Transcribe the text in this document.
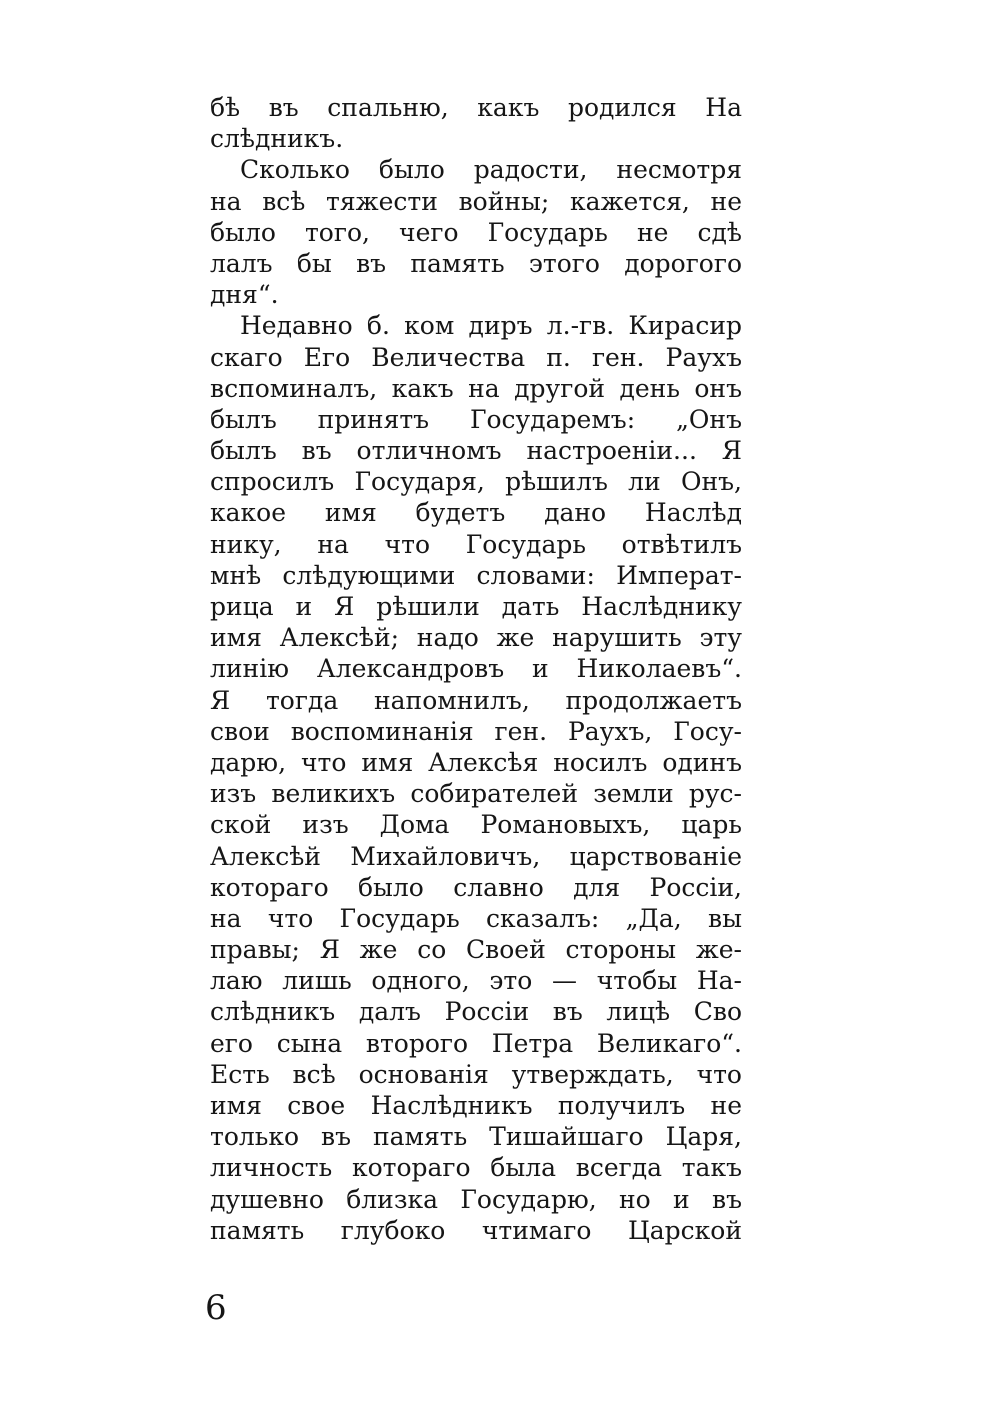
бѣ въ спальню, какъ родился На
слѣдникъ.
Сколько было радости, несмотря
на всѣ тяжести войны; кажется, не
было того, чего Государь не сдѣ
лалъ бы въ память этого дорогого
дня“.
Недавно б. ком диръ л.-гв. Кирасир
скаго Его Величества п. ген. Раухъ
вспоминалъ, какъ на другой день онъ
былъ принятъ Государемъ: „Онъ
былъ въ отличномъ настроеніи... Я
спросилъ Государя, рѣшилъ ли Онъ,
какое имя будетъ дано Наслѣд
нику, на что Государь отвѣтилъ
мнѣ слѣдующими словами: Императ-
рица и Я рѣшили дать Наслѣднику
имя Алексѣй; надо же нарушить эту
линію Александровъ и Николаевъ“.
Я тогда напомнилъ, продолжаетъ
свои воспоминанія ген. Раухъ, Госу-
дарю, что имя Алексѣя носилъ одинъ
изъ великихъ собирателей земли рус-
ской изъ Дома Романовыхъ, царь
Алексѣй Михайловичъ, царствованіе
котораго было славно для Россіи,
на что Государь сказалъ: „Да, вы
правы; Я же со Своей стороны же-
лаю лишь одного, это — чтобы На-
слѣдникъ далъ Россіи въ лицѣ Сво
его сына второго Петра Великаго“.
Есть всѣ основанія утверждать, что
имя свое Наслѣдникъ получилъ не
только въ память Тишайшаго Царя,
личность котораго была всегда такъ
душевно близка Государю, но и въ
память глубоко чтимаго Царской
6
